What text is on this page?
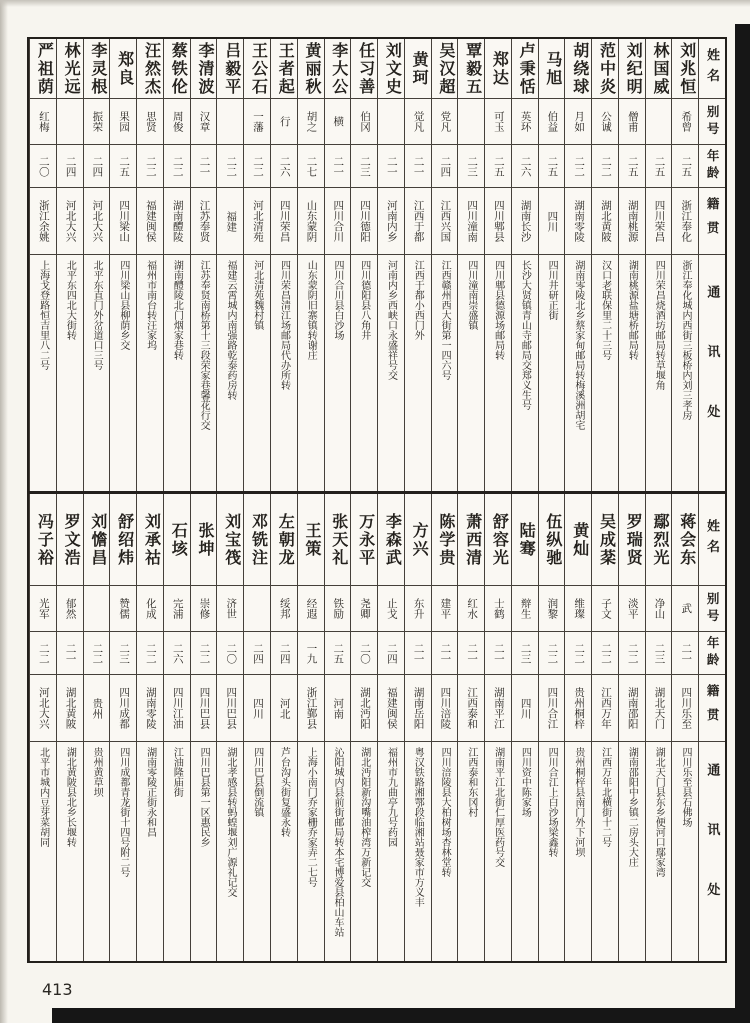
姓名
别号
年龄
籍贯
通讯处
刘兆恒
希曾
二五
浙江奉化
浙江奉化城内西街三板桥内刘三孝房
林国威
二五
四川荣昌
四川荣昌烧酒坊邮局转草堰角
刘纪明
僧甫
二五
湖南桃源
湖南桃源盐塘桥邮局转
范中炎
公诚
二二
湖北黄陂
汉口老联保里二十三号
胡绕球
月如
二二
湖南零陵
湖南零陵北乡蔡家甸邮局转梅溪洲胡宅
马旭
伯益
二五
四川
四川井研正街
卢秉恬
英环
二六
湖南长沙
长沙大贤镇青山寺邮局交郑义生号
郑达
可玉
二五
四川郫县
四川郫县德源场邮局转
覃毅五
二三
四川潼南
四川潼南崇盛镇
吴汉超
党凡
二四
江西兴国
江西赣州西大街第一四六号
黄珂
觉凡
二一
江西于都
江西于都小西门外
刘文史
二一
河南内乡
河南内乡西峡口永盛祥号交
任习善
伯冈
二三
四川德阳
四川德阳县八角井
李大公
横
二一
四川合川
四川合川县白沙场
黄丽秋
胡之
二七
山东蒙阴
山东蒙阴旧寨镇转谢庄
王者起
行
二六
四川荣昌
四川荣昌清江场邮局代办所转
王公石
一藩
二二
河北清苑
河北清苑魏村镇
吕毅平
二二
福建
福建云霄城内南强路乾泰药房转
李清波
汉章
二一
江苏奉贤
江苏奉贤南桥第十三段荣家巷馨花行交
蔡铁伦
周俊
二二
湖南醴陵
湖南醴陵北门烟家巷转
汪然杰
思贤
二二
福建闽侯
福州市南台转汪家坞
郑良
果园
二五
四川梁山
四川梁山县柳荫乡交
李灵根
振荣
二四
河北大兴
北平东直门外岔道口三号
林光远
二四
河北大兴
北平东四北大街转
严祖荫
红梅
二〇
浙江余姚
上海戈登路恒吉里八二号
姓名
别号
年龄
籍贯
通讯处
蒋会东
武
二一
四川乐至
四川乐至县石佛场
鄢烈光
净山
二三
湖北天门
湖北天门县东乡便河口鄢家湾
罗瑞贤
淡平
二二
湖南邵阳
湖南邵阳中乡镇二房头大庄
吴成棻
子文
二二
江西万年
江西万年北横街十二号
黄灿
维璨
二二
贵州桐梓
贵州桐梓县南门外下河坝
伍纵驰
润黎
二二
四川合江
四川合江上白沙场梁鑫转
陆骞
辩生
二三
四川
四川资中陈家场
舒容光
士鹤
二一
湖南平江
湖南平江北街仁厚医药号交
萧西清
红水
二一
江西泰和
江西泰和东冈村
陈学贵
建平
二一
四川涪陵
四川涪陵县大柏树场杏林堂转
方兴
东升
二一
湖南岳阳
粤汉铁路湘鄂段临湘站聂家市方义丰
李森武
止戈
二四
福建闽侯
福州市九曲亭九号药园
万永平
尧卿
二〇
湖北沔阳
湖北沔阳新沟嘴油榨湾万新记交
张天礼
铁励
二五
河南
沁阳城内县前街邮局转本宅博爱县柏山车站
王策
经遐
一九
浙江鄞县
上海小南门乔家栅乔家弄二七号
左朝龙
绥邦
二四
河北
芦台沟头街复盛永转
邓铣注
二四
四川
四川巴县倒流镇
刘宝筏
济世
二〇
四川巴县
湖北孝感县转蚂蝗堰刘广源礼记交
张坤
崇修
二二
四川巴县
四川巴县第一区惠民乡
石垓
完浦
二六
四川江油
江油隆庙街
刘承祜
化成
二二
湖南零陵
湖南零陵正街永和昌
舒绍炜
赞儒
二三
四川成都
四川成都青龙街十四号附二号
刘憺昌
二二
贵州
贵州黄草坝
罗文浩
郁然
二一
湖北黄陂
湖北黄陂县北乡长堰转
冯子裕
光军
二二
河北大兴
北平市城内豆芽菜胡同
413
